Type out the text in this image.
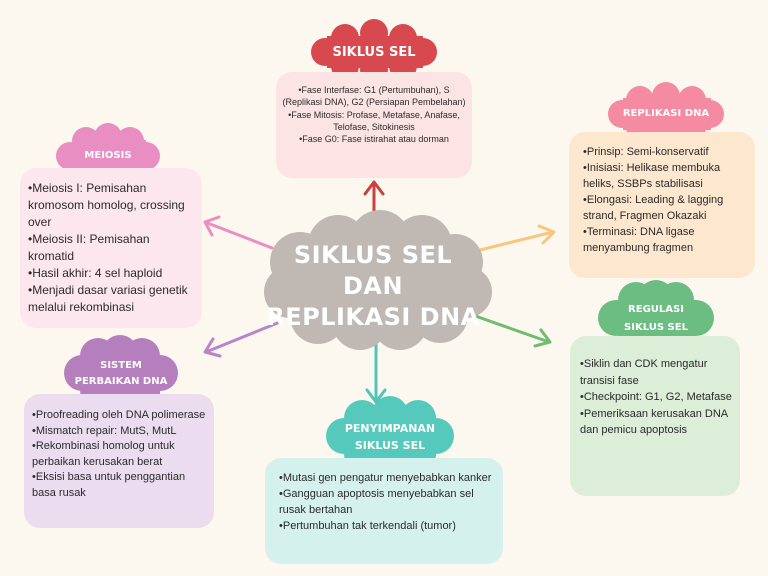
SIKLUS SEL DAN
REPLIKASI DNA
SIKLUS SEL
REPLIKASI DNA
MEIOSIS
REGULASI
SIKLUS SEL
SISTEM
PERBAIKAN DNA
PENYIMPANAN
SIKLUS SEL
• Fase Interfase: G1 (Pertumbuhan), S (Replikasi DNA), G2 (Persiapan Pembelahan)
• Fase Mitosis: Profase, Metafase, Anafase, Telofase, Sitokinesis
• Fase G0: Fase istirahat atau dorman
• Prinsip: Semi-konservatif
• Inisiasi: Helikase membuka heliks, SSBPs stabilisasi
• Elongasi: Leading & lagging strand, Fragmen Okazaki
• Terminasi: DNA ligase menyambung fragmen
• Meiosis I: Pemisahan kromosom homolog, crossing over
• Meiosis II: Pemisahan kromatid
• Hasil akhir: 4 sel haploid
• Menjadi dasar variasi genetik melalui rekombinasi
• Siklin dan CDK mengatur transisi fase
• Checkpoint: G1, G2, Metafase
• Pemeriksaan kerusakan DNA dan pemicu apoptosis
• Proofreading oleh DNA polimerase
• Mismatch repair: MutS, MutL
• Rekombinasi homolog untuk perbaikan kerusakan berat
• Eksisi basa untuk penggantian basa rusak
• Mutasi gen pengatur menyebabkan kanker
• Gangguan apoptosis menyebabkan sel rusak bertahan
• Pertumbuhan tak terkendali (tumor)
